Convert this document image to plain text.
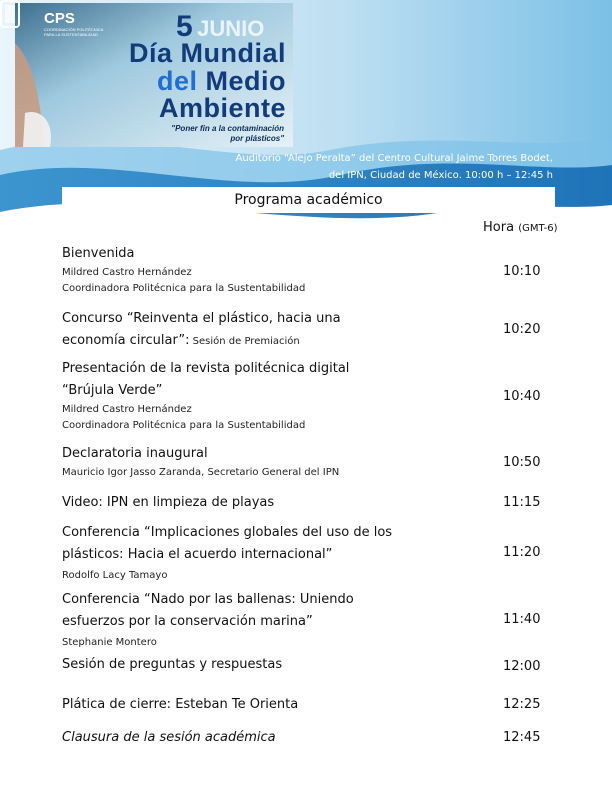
CPS
COORDINACIÓN POLITÉCNICA PARA LA SUSTENTABILIDAD	5 JUNIO
Día Mundial
del Medio
Ambiente
"Poner fin a la contaminación
por plásticos"
Auditorio “Alejo Peralta” del Centro Cultural Jaime Torres Bodet,
del IPN, Ciudad de México. 10:00 h – 12:45 h
Programa académico
Hora (GMT-6)
Bienvenida
Mildred Castro Hernández
Coordinadora Politécnica para la Sustentabilidad
10:10
Concurso “Reinventa el plástico, hacia una
economía circular”: Sesión de Premiación
10:20
Presentación de la revista politécnica digital
“Brújula Verde”
Mildred Castro Hernández
Coordinadora Politécnica para la Sustentabilidad
10:40
Declaratoria inaugural
Mauricio Igor Jasso Zaranda, Secretario General del IPN
10:50
Video: IPN en limpieza de playas	11:15
Conferencia “Implicaciones globales del uso de los
plásticos: Hacia el acuerdo internacional”
Rodolfo Lacy Tamayo
11:20
Conferencia “Nado por las ballenas: Uniendo
esfuerzos por la conservación marina”
Stephanie Montero
11:40
Sesión de preguntas y respuestas	12:00
Plática de cierre: Esteban Te Orienta	12:25
Clausura de la sesión académica	12:45
